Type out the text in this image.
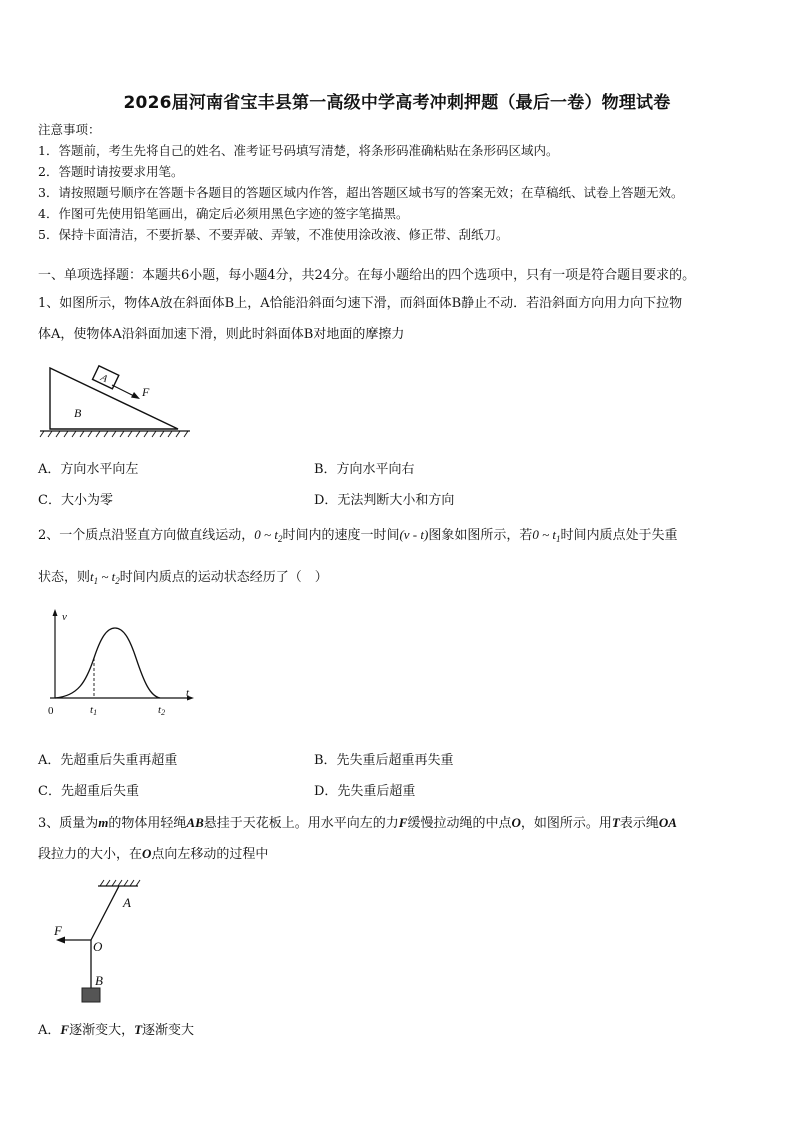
2026届河南省宝丰县第一高级中学高考冲刺押题（最后一卷）物理试卷
注意事项：
1．答题前，考生先将自己的姓名、准考证号码填写清楚，将条形码准确粘贴在条形码区域内。
2．答题时请按要求用笔。
3．请按照题号顺序在答题卡各题目的答题区域内作答，超出答题区域书写的答案无效；在草稿纸、试卷上答题无效。
4．作图可先使用铅笔画出，确定后必须用黑色字迹的签字笔描黑。
5．保持卡面清洁，不要折暴、不要弄破、弄皱，不准使用涂改液、修正带、刮纸刀。
一、单项选择题：本题共6小题，每小题4分，共24分。在每小题给出的四个选项中，只有一项是符合题目要求的。
1、如图所示，物体A放在斜面体B上，A恰能沿斜面匀速下滑，而斜面体B静止不动．若沿斜面方向用力向下拉物
体A，使物体A沿斜面加速下滑，则此时斜面体B对地面的摩擦力
A
F
B
A．方向水平向左	B．方向水平向右
C．大小为零	D．无法判断大小和方向
2、一个质点沿竖直方向做直线运动，0 ~ $t_2$时间内的速度一时间(v - t)图象如图所示，若0 ~ $t_1$时间内质点处于失重
状态，则$t_1$ ~ $t_2$时间内质点的运动状态经历了（　）
v
t
0	t1	t2
A．先超重后失重再超重	B．先失重后超重再失重
C．先超重后失重	D．先失重后超重
3、质量为m的物体用轻绳AB悬挂于天花板上。用水平向左的力F缓慢拉动绳的中点O，如图所示。用T表示绳OA
段拉力的大小，在O点向左移动的过程中
A
F
O
B
A．F逐渐变大，T逐渐变大
